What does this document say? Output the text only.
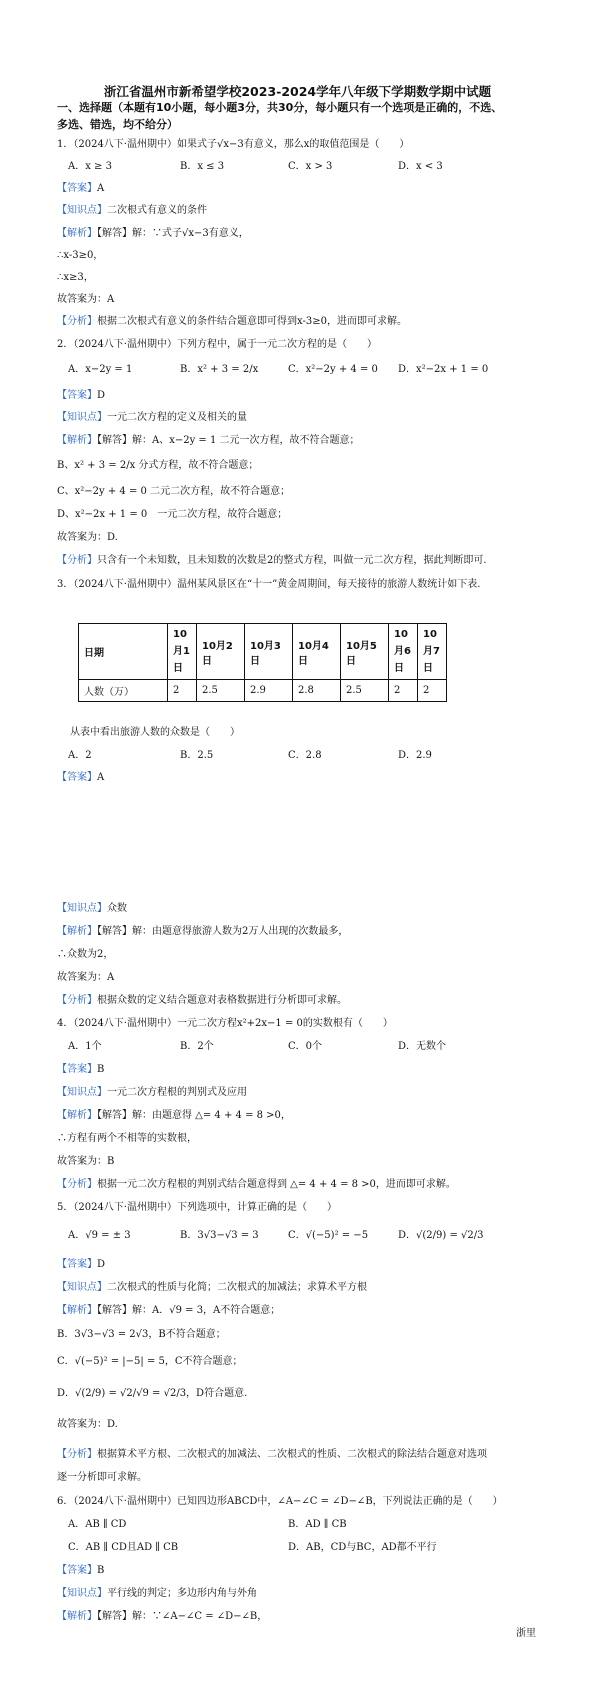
浙江省温州市新希望学校2023-2024学年八年级下学期数学期中试题
一、选择题（本题有10小题，每小题3分，共30分，每小题只有一个选项是正确的，不选、
多选、错选，均不给分）
1．（2024八下·温州期中）如果式子√x−3有意义，那么x的取值范围是（　　）
A．x ≥ 3	B．x ≤ 3	C．x > 3	D．x < 3
【答案】A
【知识点】二次根式有意义的条件
【解析】【解答】解：∵式子√x−3有意义，
∴x-3≥0，
∴x≥3，
故答案为：A
【分析】根据二次根式有意义的条件结合题意即可得到x-3≥0，进而即可求解。
2．（2024八下·温州期中）下列方程中，属于一元二次方程的是（　　）
A．x−2y = 1	B．x² + 3 = 2/x	C．x²−2y + 4 = 0 D．x²−2x + 1 = 0
【答案】D
【知识点】一元二次方程的定义及相关的量
【解析】【解答】解：A、x−2y = 1 二元一次方程，故不符合题意；
B、x² + 3 = 2/x 分式方程，故不符合题意；
C、x²−2y + 4 = 0 二元二次方程，故不符合题意；
D、x²−2x + 1 = 0　一元二次方程，故符合题意；
故答案为：D.
【分析】只含有一个未知数，且未知数的次数是2的整式方程，叫做一元二次方程，据此判断即可.
3．（2024八下·温州期中）温州某风景区在“十一”黄金周期间，每天接待的旅游人数统计如下表.
日期	10月1日	10月2日	10月3日	10月4日	10月5日	10月6日	10月7日
人数（万）	2	2.5	2.9	2.8	2.5	2	2
从表中看出旅游人数的众数是（　　）
A．2	B．2.5	C．2.8	D．2.9
【答案】A
【知识点】众数
【解析】【解答】解：由题意得旅游人数为2万人出现的次数最多，
∴众数为2，
故答案为：A
【分析】根据众数的定义结合题意对表格数据进行分析即可求解。
4．（2024八下·温州期中）一元二次方程x²+2x−1 = 0的实数根有（　　）
A．1个	B．2个	C．0个	D．无数个
【答案】B
【知识点】一元二次方程根的判别式及应用
【解析】【解答】解：由题意得 △= 4 + 4 = 8 >0，
∴方程有两个不相等的实数根，
故答案为：B
【分析】根据一元二次方程根的判别式结合题意得到 △= 4 + 4 = 8 >0，进而即可求解。
5．（2024八下·温州期中）下列选项中，计算正确的是（　　）
A．√9 = ± 3	B．3√3−√3 = 3	C．√(−5)² = −5	D．√(2/9) = √2/3
【答案】D
【知识点】二次根式的性质与化简；二次根式的加减法；求算术平方根
【解析】【解答】解：A．√9 = 3，A不符合题意；
B．3√3−√3 = 2√3，B不符合题意；
C．√(−5)² = |−5| = 5，C不符合题意；
D．√(2/9) = √2/√9 = √2/3，D符合题意.
故答案为：D.
【分析】根据算术平方根、二次根式的加减法、二次根式的性质、二次根式的除法结合题意对选项
逐一分析即可求解。
6．（2024八下·温州期中）已知四边形ABCD中，∠A−∠C = ∠D−∠B，下列说法正确的是（　　）
A．AB ∥ CD	B．AD ∥ CB
C．AB ∥ CD且AD ∥ CB	D．AB，CD与BC，AD都不平行
【答案】B
【知识点】平行线的判定；多边形内角与外角
【解析】【解答】解：∵∠A−∠C = ∠D−∠B，
浙里
